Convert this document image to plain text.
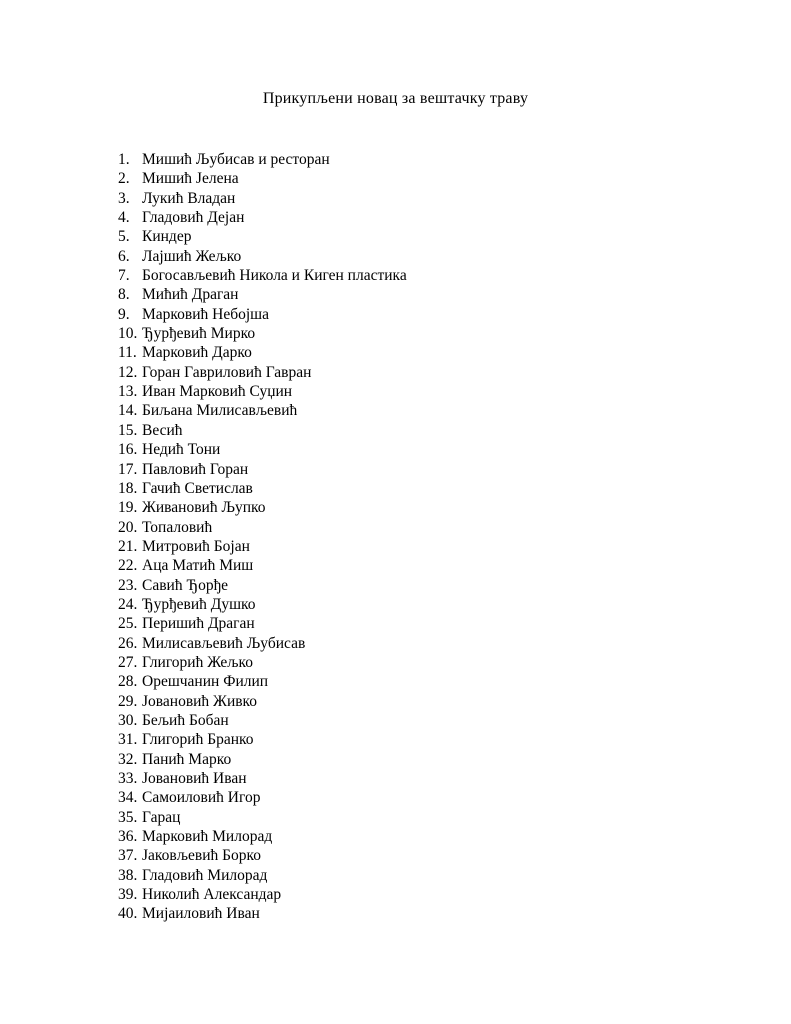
Прикупљени новац за вештачку траву
1. Мишић Љубисав и ресторан
2. Мишић Јелена
3. Лукић Владан
4. Гладовић Дејан
5. Киндер
6. Лајшић Жељко
7. Богосављевић Никола и Киген пластика
8. Мићић Драган
9. Марковић Небојша
10. Ђурђевић Мирко
11. Марковић Дарко
12. Горан Гавриловић Гавран
13. Иван Марковић Суџин
14. Биљана Милисављевић
15. Весић
16. Недић Тони
17. Павловић Горан
18. Гачић Светислав
19. Живановић Љупко
20. Топаловић
21. Митровић Бојан
22. Аца Матић Миш
23. Савић Ђорђе
24. Ђурђевић Душко
25. Перишић Драган
26. Милисављевић Љубисав
27. Глигорић Жељко
28. Орешчанин Филип
29. Јовановић Живко
30. Бељић Бобан
31. Глигорић Бранко
32. Панић Марко
33. Јовановић Иван
34. Самоиловић Игор
35. Гарац
36. Марковић Милорад
37. Јаковљевић Борко
38. Гладовић Милорад
39. Николић Александар
40. Мијаиловић Иван
